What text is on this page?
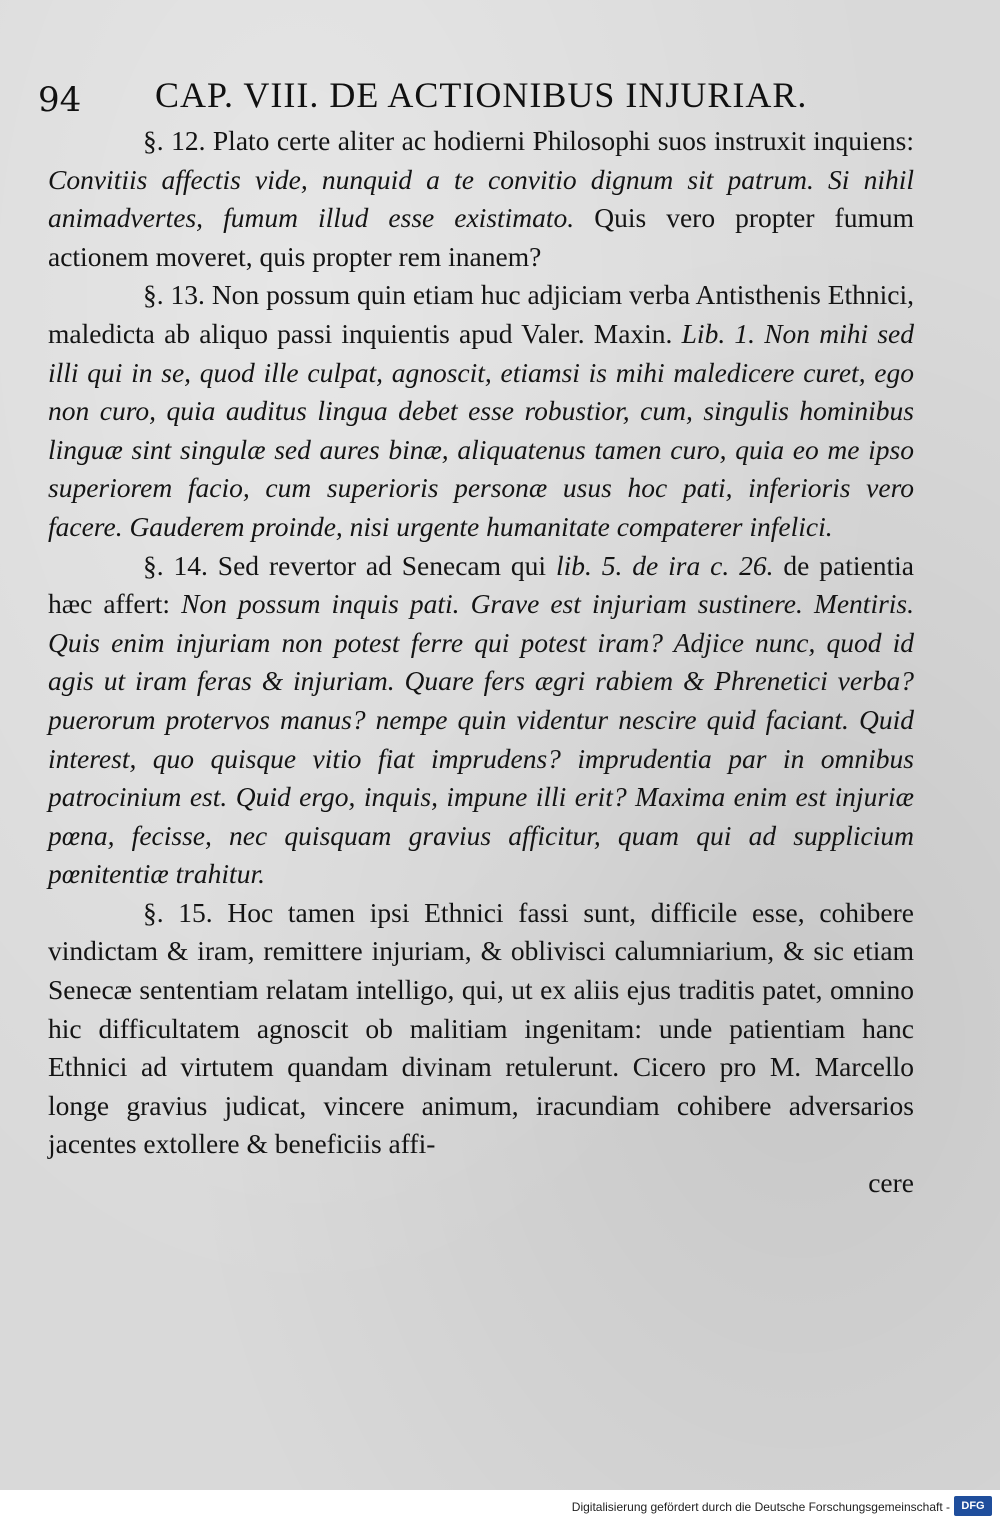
94 CAP. VIII. DE ACTIONIBUS INJURIAR.
§. 12. Plato certe aliter ac hodierni Philosophi suos instruxit inquiens: Convitiis affectis vide, nunquid a te convitio dignum sit patrum. Si nihil animadvertes, fumum illud esse existimato. Quis vero propter fumum actionem moveret, quis propter rem inanem?
§. 13. Non possum quin etiam huc adjiciam verba Antisthenis Ethnici, maledicta ab aliquo passi inquientis apud Valer. Maxin. Lib. 1. Non mihi sed illi qui in se, quod ille culpat, agnoscit, etiamsi is mihi maledicere curet, ego non curo, quia auditus lingua debet esse robustior, cum, singulis hominibus linguæ sint singulæ sed aures binæ, aliquatenus tamen curo, quia eo me ipso superiorem facio, cum superioris personæ usus hoc pati, inferioris vero facere. Gauderem proinde, nisi urgente humanitate compaterer infelici.
§. 14. Sed revertor ad Senecam qui lib. 5. de ira c. 26. de patientia hæc affert: Non possum inquis pati. Grave est injuriam sustinere. Mentiris. Quis enim injuriam non potest ferre qui potest iram? Adjice nunc, quod id agis ut iram feras & injuriam. Quare fers ægri rabiem & Phrenetici verba? puerorum protervos manus? nempe quin videntur nescire quid faciant. Quid interest, quo quisque vitio fiat imprudens? imprudentia par in omnibus patrocinium est. Quid ergo, inquis, impune illi erit? Maxima enim est injuriæ pœna, fecisse, nec quisquam gravius afficitur, quam qui ad supplicium pœnitentiæ trahitur.
§. 15. Hoc tamen ipsi Ethnici fassi sunt, difficile esse, cohibere vindictam & iram, remittere injuriam, & oblivisci calumniarium, & sic etiam Senecæ sententiam relatam intelligo, qui, ut ex aliis ejus traditis patet, omnino hic difficultatem agnoscit ob malitiam ingenitam: unde patientiam hanc Ethnici ad virtutem quandam divinam retulerunt. Cicero pro M. Marcello longe gravius judicat, vincere animum, iracundiam cohibere adversarios jacentes extollere & beneficiis affi-
cere
Digitalisierung gefördert durch die Deutsche Forschungsgemeinschaft - DFG
